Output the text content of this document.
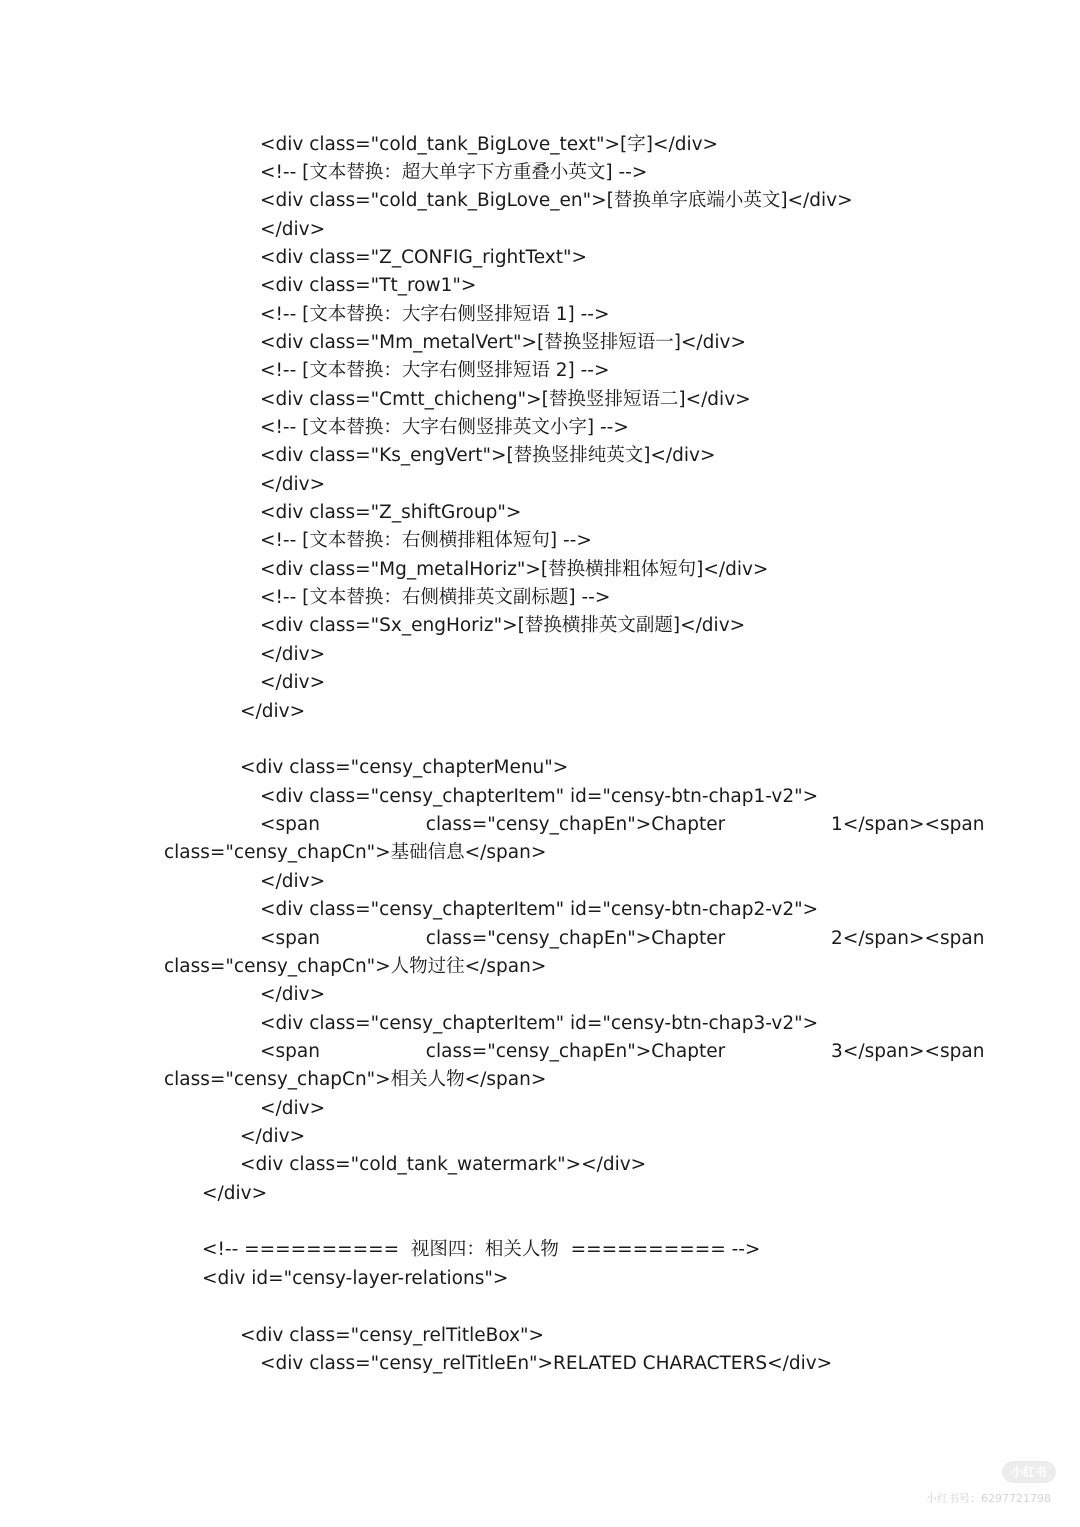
<div class="cold_tank_BigLove_text">[字]</div>
<!-- [文本替换：超大单字下方重叠小英文] -->
<div class="cold_tank_BigLove_en">[替换单字底端小英文]</div>
</div>
<div class="Z_CONFIG_rightText">
<div class="Tt_row1">
<!-- [文本替换：大字右侧竖排短语 1] -->
<div class="Mm_metalVert">[替换竖排短语一]</div>
<!-- [文本替换：大字右侧竖排短语 2] -->
<div class="Cmtt_chicheng">[替换竖排短语二]</div>
<!-- [文本替换：大字右侧竖排英文小字] -->
<div class="Ks_engVert">[替换竖排纯英文]</div>
</div>
<div class="Z_shiftGroup">
<!-- [文本替换：右侧横排粗体短句] -->
<div class="Mg_metalHoriz">[替换横排粗体短句]</div>
<!-- [文本替换：右侧横排英文副标题] -->
<div class="Sx_engHoriz">[替换横排英文副题]</div>
</div>
</div>
</div>
<div class="censy_chapterMenu">
<div class="censy_chapterItem" id="censy-btn-chap1-v2">
<span                  class="censy_chapEn">Chapter                  1</span><span
class="censy_chapCn">基础信息</span>
</div>
<div class="censy_chapterItem" id="censy-btn-chap2-v2">
<span                  class="censy_chapEn">Chapter                  2</span><span
class="censy_chapCn">人物过往</span>
</div>
<div class="censy_chapterItem" id="censy-btn-chap3-v2">
<span                  class="censy_chapEn">Chapter                  3</span><span
class="censy_chapCn">相关人物</span>
</div>
</div>
<div class="cold_tank_watermark"></div>
</div>
<!-- ==========  视图四：相关人物  ========== -->
<div id="censy-layer-relations">
<div class="censy_relTitleBox">
<div class="censy_relTitleEn">RELATED CHARACTERS</div>
小红书
小红书号：6297721798
